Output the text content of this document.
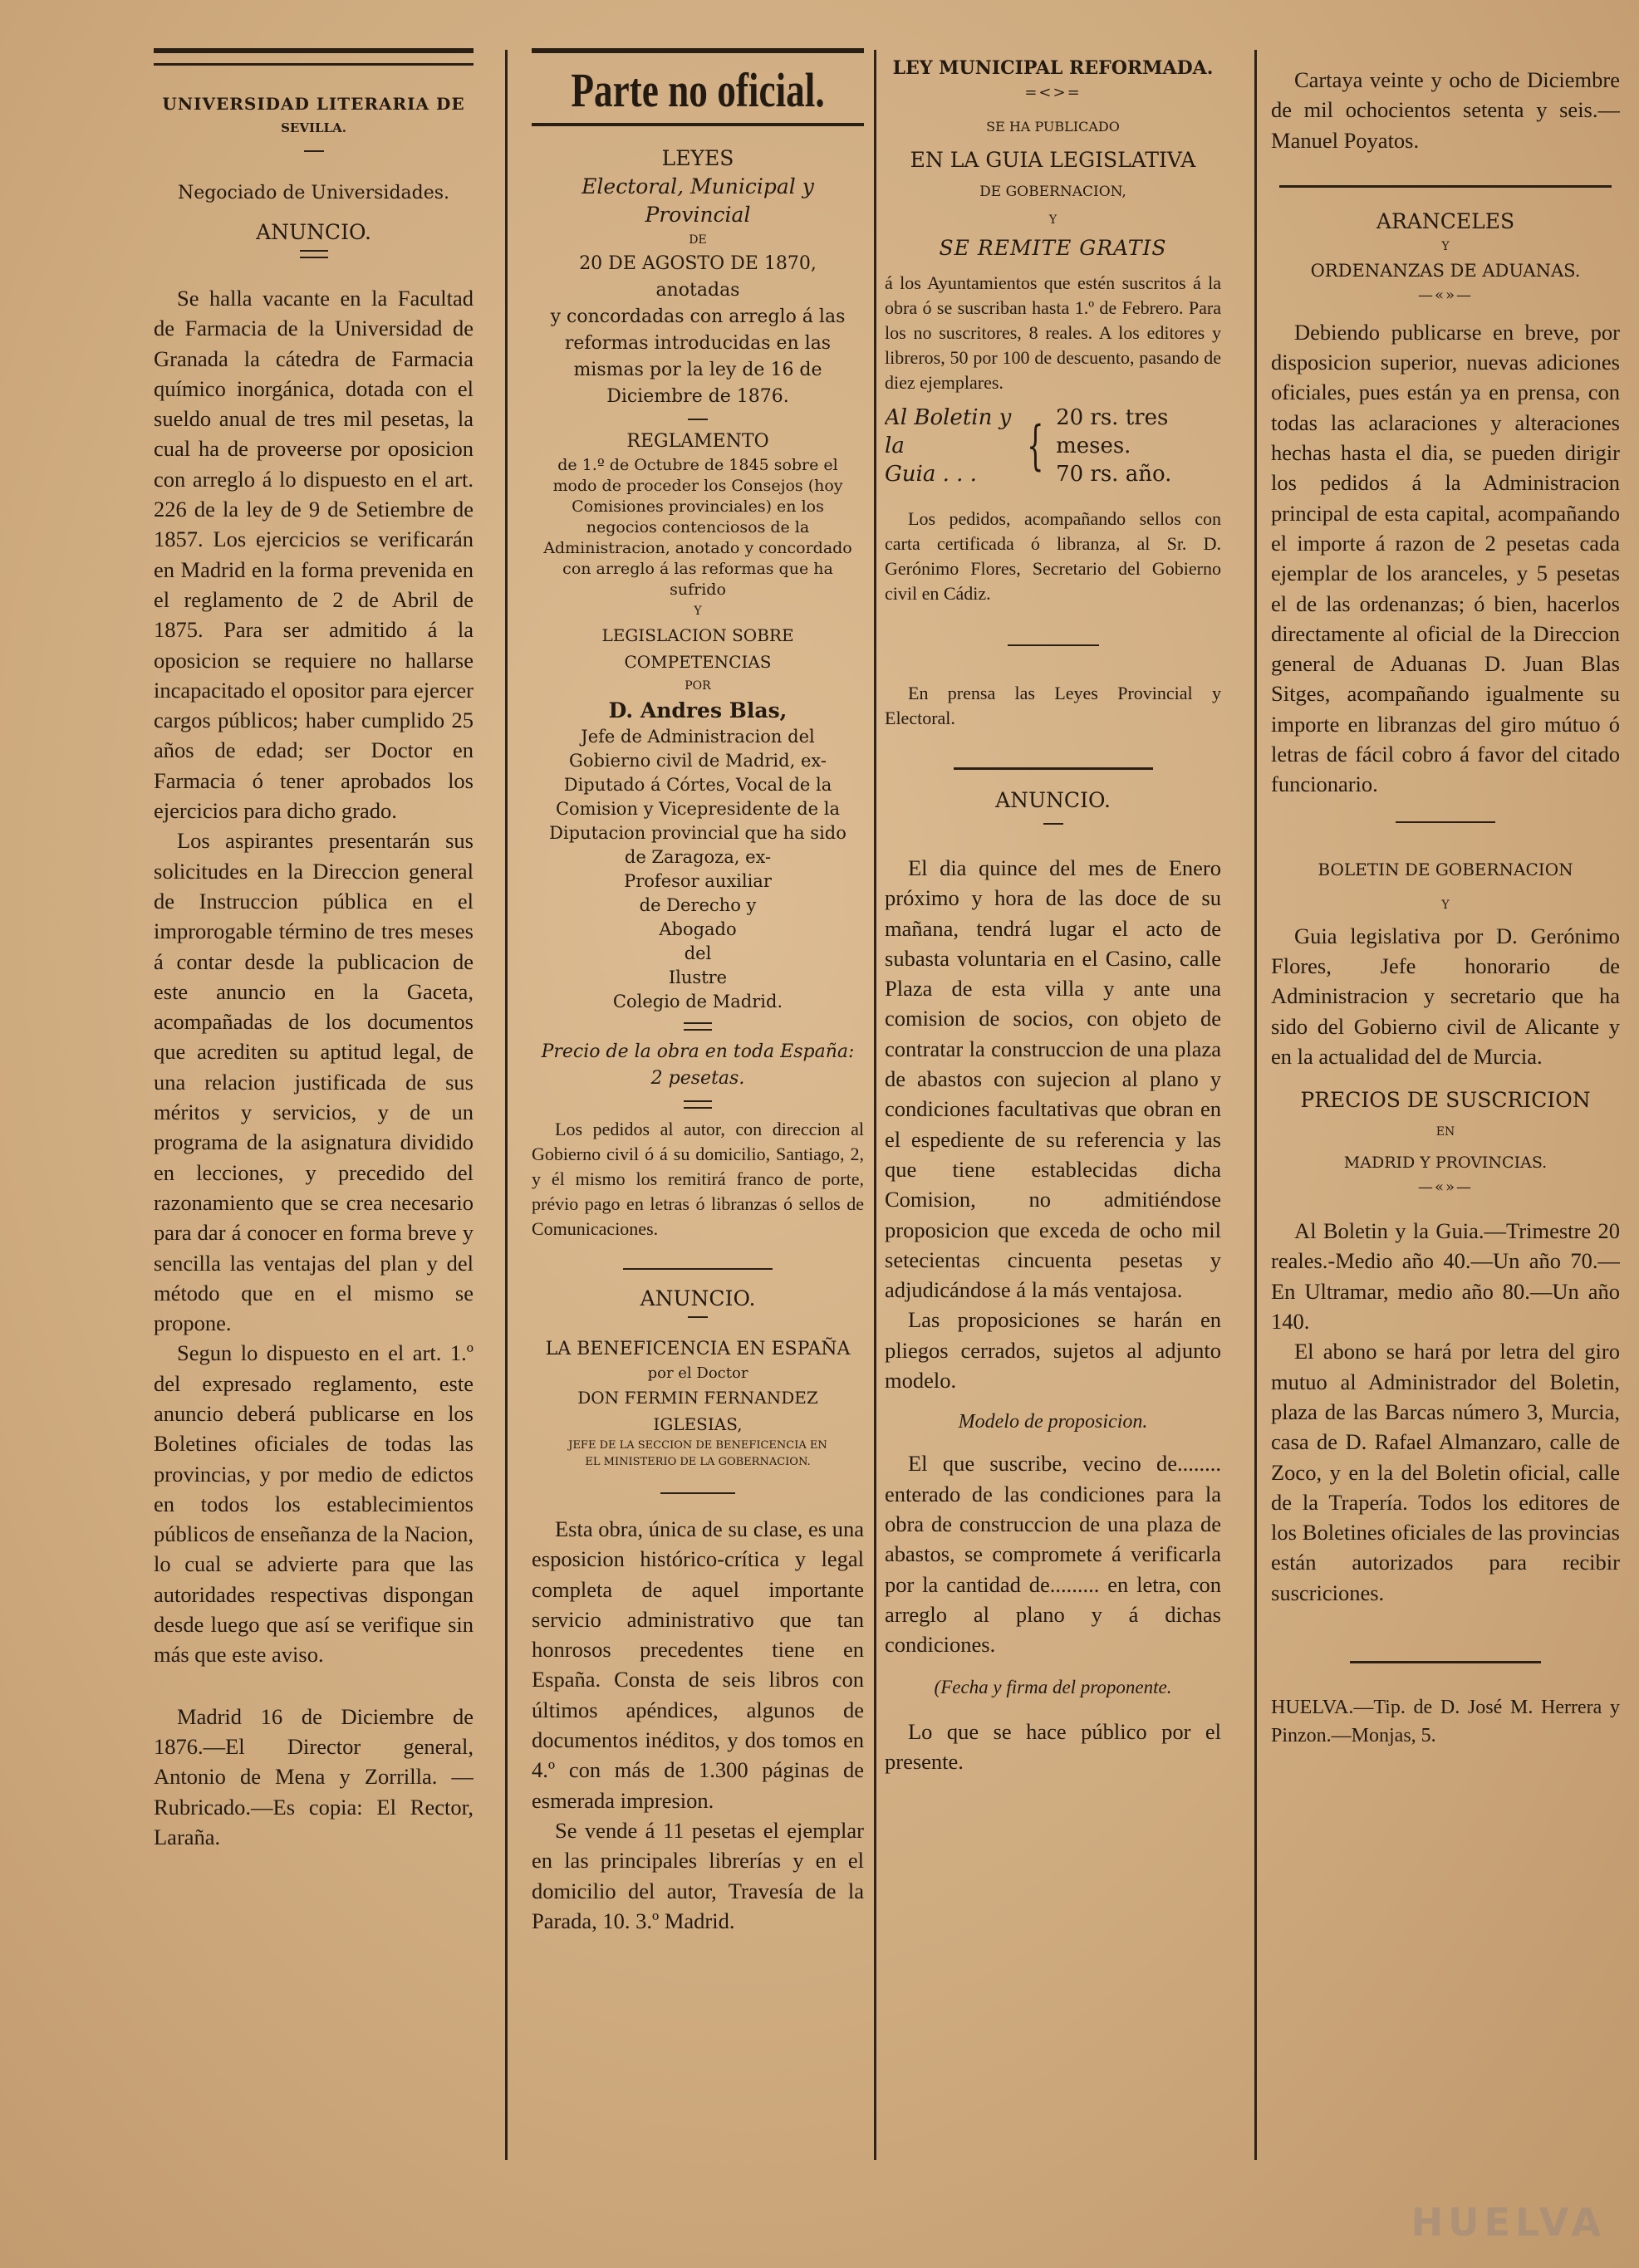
UNIVERSIDAD LITERARIA DE
SEVILLA.
Negociado de Universidades.
ANUNCIO.

Se halla vacante en la Facultad de Farmacia de la Universidad de Granada la cátedra de Farmacia químico inorgánica, dotada con el sueldo anual de tres mil pesetas, la cual ha de proveerse por oposicion con arreglo á lo dispuesto en el art. 226 de la ley de 9 de Setiembre de 1857. Los ejercicios se verificarán en Madrid en la forma prevenida en el reglamento de 2 de Abril de 1875. Para ser admitido á la oposicion se requiere no hallarse incapacitado el opositor para ejercer cargos públicos; haber cumplido 25 años de edad; ser Doctor en Farmacia ó tener aprobados los ejercicios para dicho grado.

Los aspirantes presentarán sus solicitudes en la Direccion general de Instruccion pública en el improrogable término de tres meses á contar desde la publicacion de este anuncio en la Gaceta, acompañadas de los documentos que acrediten su aptitud legal, de una relacion justificada de sus méritos y servicios, y de un programa de la asignatura dividido en lecciones, y precedido del razonamiento que se crea necesario para dar á conocer en forma breve y sencilla las ventajas del plan y del método que en el mismo se propone.

Segun lo dispuesto en el art. 1.º del expresado reglamento, este anuncio deberá publicarse en los Boletines oficiales de todas las provincias, y por medio de edictos en todos los establecimientos públicos de enseñanza de la Nacion, lo cual se advierte para que las autoridades respectivas dispongan desde luego que así se verifique sin más que este aviso.

Madrid 16 de Diciembre de 1876.—El Director general, Antonio de Mena y Zorrilla. —Rubricado.—Es copia: El Rector, Laraña.

Parte no oficial.
LEYES
Electoral, Municipal y Provincial
DE
20 DE AGOSTO DE 1870,
anotadas
y concordadas con arreglo á las reformas introducidas en las mismas por la ley de 16 de Diciembre de 1876.
REGLAMENTO
de 1.º de Octubre de 1845 sobre el modo de proceder los Consejos (hoy Comisiones provinciales) en los negocios contenciosos de la Administracion, anotado y concordado con arreglo á las reformas que ha sufrido
Y
LEGISLACION SOBRE COMPETENCIAS
POR
D. Andres Blas,
Jefe de Administracion del Gobierno civil de Madrid, ex-Diputado á Córtes, Vocal de la Comision y Vicepresidente de la Diputacion provincial que ha sido de Zaragoza, ex-
Profesor auxiliar
de Derecho y
Abogado
del
Ilustre
Colegio de Madrid.
Precio de la obra en toda España:
2 pesetas.

Los pedidos al autor, con direccion al Gobierno civil ó á su domicilio, Santiago, 2, y él mismo los remitirá franco de porte, prévio pago en letras ó libranzas ó sellos de Comunicaciones.

ANUNCIO.
LA BENEFICENCIA EN ESPAÑA
por el Doctor
DON FERMIN FERNANDEZ IGLESIAS,
JEFE DE LA SECCION DE BENEFICENCIA EN
EL MINISTERIO DE LA GOBERNACION.

Esta obra, única de su clase, es una esposicion histórico-crítica y legal completa de aquel importante servicio administrativo que tan honrosos precedentes tiene en España. Consta de seis libros con últimos apéndices, algunos de documentos inéditos, y dos tomos en 4.º con más de 1.300 páginas de esmerada impresion.

Se vende á 11 pesetas el ejemplar en las principales librerías y en el domicilio del autor, Travesía de la Parada, 10. 3.º Madrid.

LEY MUNICIPAL REFORMADA.
=<>=
SE HA PUBLICADO
EN LA GUIA LEGISLATIVA
DE GOBERNACION,
Y
SE REMITE GRATIS

á los Ayuntamientos que estén suscritos á la obra ó se suscriban hasta 1.º de Febrero. Para los no suscritores, 8 reales. A los editores y libreros, 50 por 100 de descuento, pasando de diez ejemplares.

Al Boletin y la
Guia . . . { 20 rs. tres meses.
70 rs. año.

Los pedidos, acompañando sellos con carta certificada ó libranza, al Sr. D. Gerónimo Flores, Secretario del Gobierno civil en Cádiz.

En prensa las Leyes Provincial y Electoral.

ANUNCIO.

El dia quince del mes de Enero próximo y hora de las doce de su mañana, tendrá lugar el acto de subasta voluntaria en el Casino, calle Plaza de esta villa y ante una comision de socios, con objeto de contratar la construccion de una plaza de abastos con sujecion al plano y condiciones facultativas que obran en el espediente de su referencia y las que tiene establecidas dicha Comision, no admitiéndose proposicion que exceda de ocho mil setecientas cincuenta pesetas y adjudicándose á la más ventajosa.

Las proposiciones se harán en pliegos cerrados, sujetos al adjunto modelo.

Modelo de proposicion.

El que suscribe, vecino de........ enterado de las condiciones para la obra de construccion de una plaza de abastos, se compromete á verificarla por la cantidad de......... en letra, con arreglo al plano y á dichas condiciones.

(Fecha y firma del proponente.

Lo que se hace público por el presente.

Cartaya veinte y ocho de Diciembre de mil ochocientos setenta y seis.—Manuel Poyatos.

ARANCELES
Y
ORDENANZAS DE ADUANAS.
—«»—

Debiendo publicarse en breve, por disposicion superior, nuevas adiciones oficiales, pues están ya en prensa, con todas las aclaraciones y alteraciones hechas hasta el dia, se pueden dirigir los pedidos á la Administracion principal de esta capital, acompañando el importe á razon de 2 pesetas cada ejemplar de los aranceles, y 5 pesetas el de las ordenanzas; ó bien, hacerlos directamente al oficial de la Direccion general de Aduanas D. Juan Blas Sitges, acompañando igualmente su importe en libranzas del giro mútuo ó letras de fácil cobro á favor del citado funcionario.

BOLETIN DE GOBERNACION
Y

Guia legislativa por D. Gerónimo Flores, Jefe honorario de Administracion y secretario que ha sido del Gobierno civil de Alicante y en la actualidad del de Murcia.

PRECIOS DE SUSCRICION
EN
MADRID Y PROVINCIAS.
—«»—

Al Boletin y la Guia.—Trimestre 20 reales.-Medio año 40.—Un año 70.—En Ultramar, medio año 80.—Un año 140.

El abono se hará por letra del giro mutuo al Administrador del Boletin, plaza de las Barcas número 3, Murcia, casa de D. Rafael Almanzaro, calle de Zoco, y en la del Boletin oficial, calle de la Trapería. Todos los editores de los Boletines oficiales de las provincias están autorizados para recibir suscriciones.

HUELVA.—Tip. de D. José M. Herrera y Pinzon.—Monjas, 5.

HUELVA
